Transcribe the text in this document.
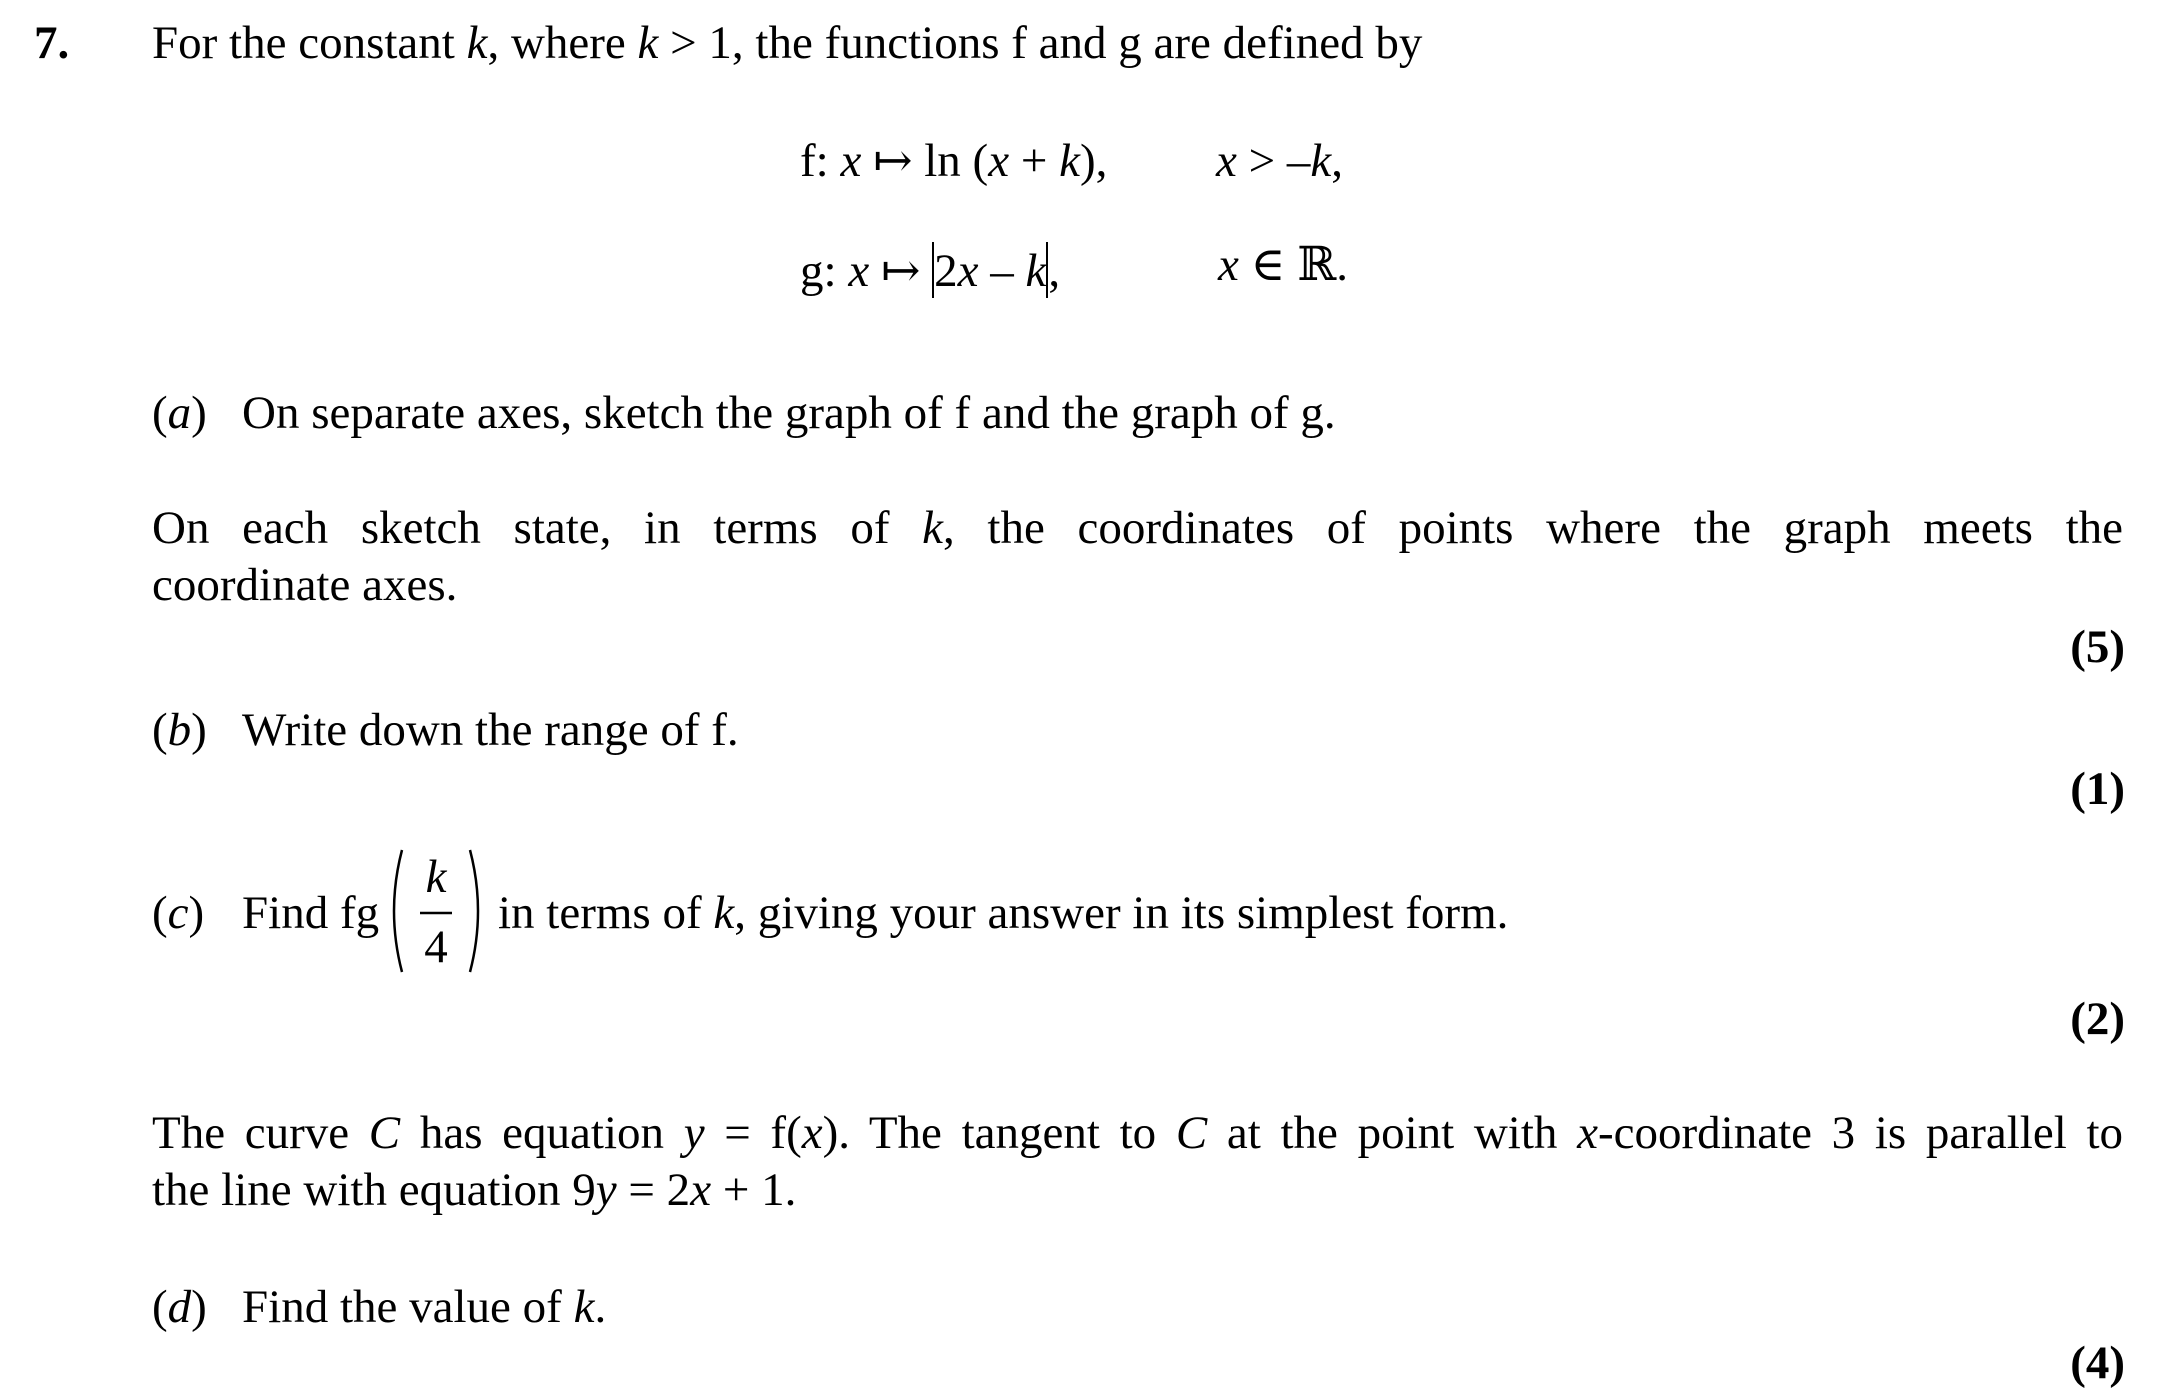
7. For the constant k, where k > 1, the functions f and g are defined by
f: x ↦ ln (x + k), x > –k,
g: x ↦ 2x – k,	x ∈ ℝ.
(a) On separate axes, sketch the graph of f and the graph of g.
On each sketch state, in terms of k, the coordinates of points where the graph meets the
coordinate axes.
(5)
(b) Write down the range of f.
(1)
(c) Find fg
k
4
in terms of k, giving your answer in its simplest form.
(2)
The curve C has equation y = f(x). The tangent to C at the point with x-coordinate 3 is parallel to
the line with equation 9y = 2x + 1.
(d) Find the value of k.
(4)
